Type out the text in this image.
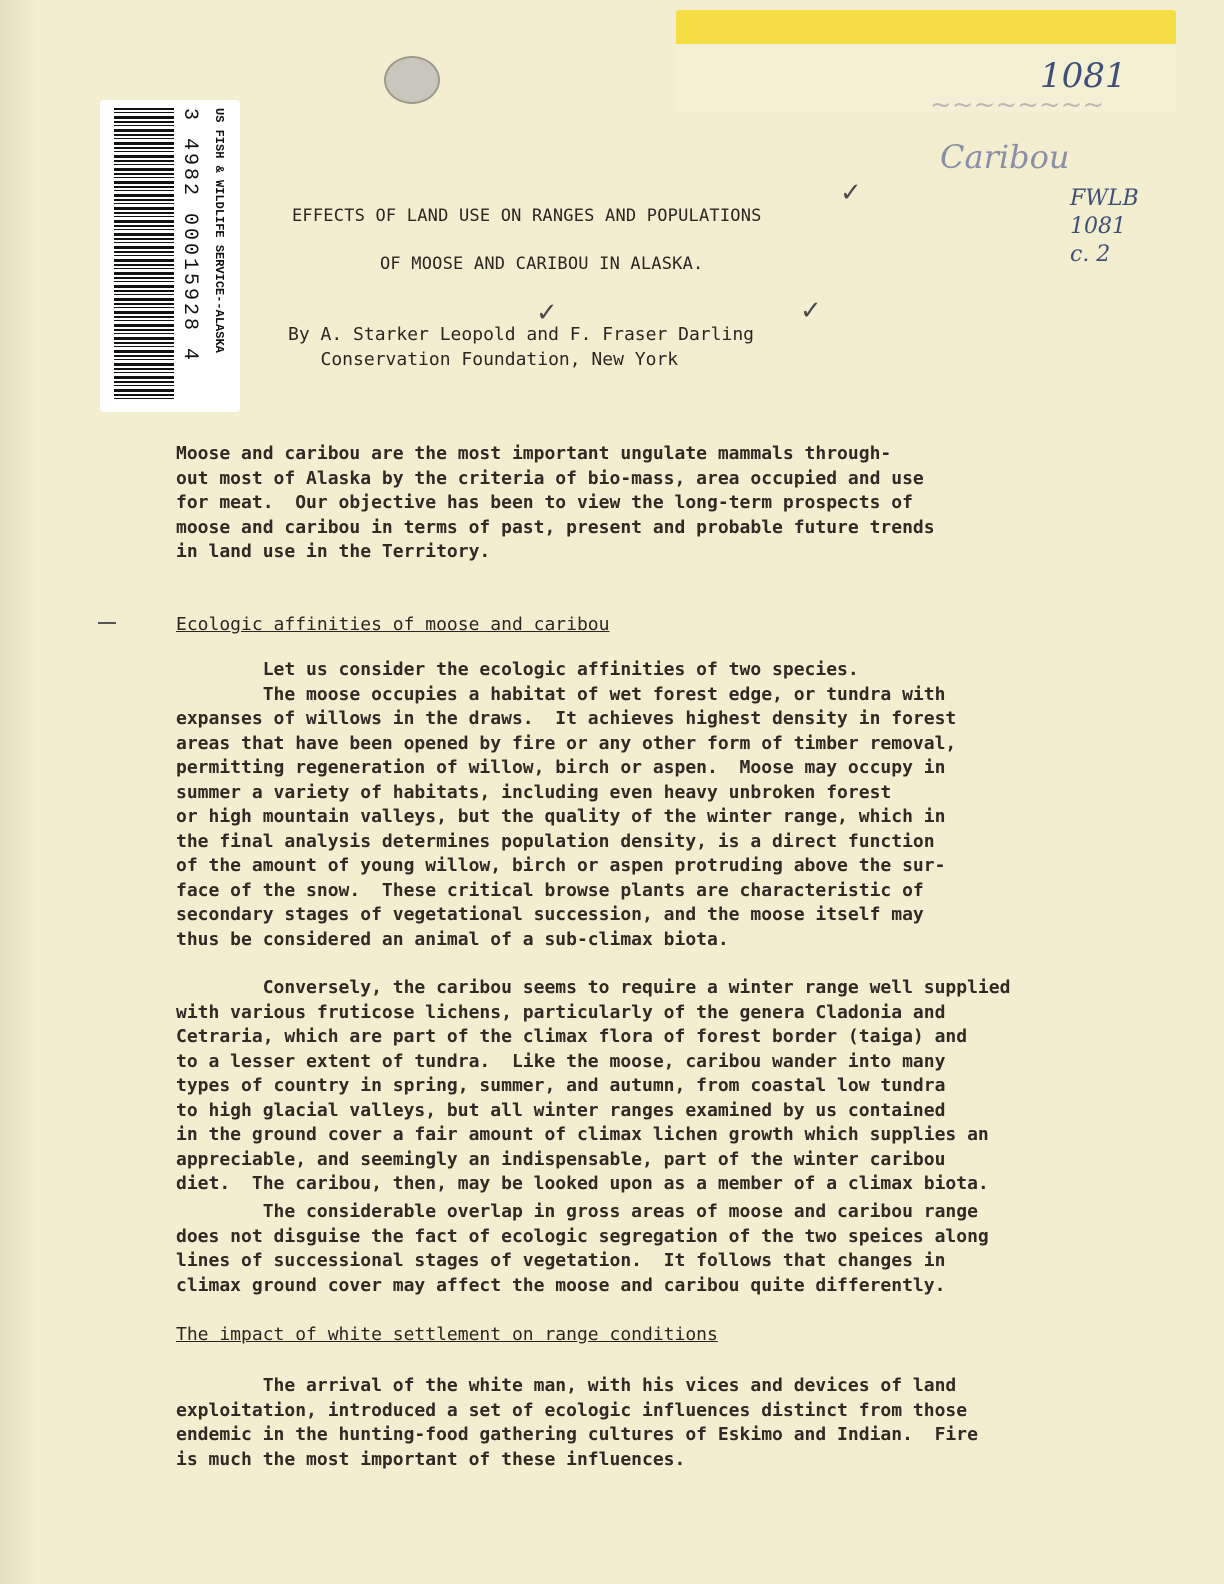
1081
~~~~~~~~
Caribou
FWLB
1081
c. 2
3 4982 00015928 4 US FISH & WILDLIFE SERVICE--ALASKA	✓
✓	✓
EFFECTS OF LAND USE ON RANGES AND POPULATIONS
OF MOOSE AND CARIBOU IN ALASKA.
By A. Starker Leopold and F. Fraser Darling
Conservation Foundation, New York
Moose and caribou are the most important ungulate mammals through-
out most of Alaska by the criteria of bio-mass, area occupied and use
for meat.  Our objective has been to view the long-term prospects of
moose and caribou in terms of past, present and probable future trends
in land use in the Territory.
Ecologic affinities of moose and caribou
Let us consider the ecologic affinities of two species.
The moose occupies a habitat of wet forest edge, or tundra with
expanses of willows in the draws.  It achieves highest density in forest
areas that have been opened by fire or any other form of timber removal,
permitting regeneration of willow, birch or aspen.  Moose may occupy in
summer a variety of habitats, including even heavy unbroken forest
or high mountain valleys, but the quality of the winter range, which in
the final analysis determines population density, is a direct function
of the amount of young willow, birch or aspen protruding above the sur-
face of the snow.  These critical browse plants are characteristic of
secondary stages of vegetational succession, and the moose itself may
thus be considered an animal of a sub-climax biota.
Conversely, the caribou seems to require a winter range well supplied
with various fruticose lichens, particularly of the genera Cladonia and
Cetraria, which are part of the climax flora of forest border (taiga) and
to a lesser extent of tundra.  Like the moose, caribou wander into many
types of country in spring, summer, and autumn, from coastal low tundra
to high glacial valleys, but all winter ranges examined by us contained
in the ground cover a fair amount of climax lichen growth which supplies an
appreciable, and seemingly an indispensable, part of the winter caribou
diet.  The caribou, then, may be looked upon as a member of a climax biota.
The considerable overlap in gross areas of moose and caribou range
does not disguise the fact of ecologic segregation of the two speices along
lines of successional stages of vegetation.  It follows that changes in
climax ground cover may affect the moose and caribou quite differently.
The impact of white settlement on range conditions
The arrival of the white man, with his vices and devices of land
exploitation, introduced a set of ecologic influences distinct from those
endemic in the hunting-food gathering cultures of Eskimo and Indian.  Fire
is much the most important of these influences.
